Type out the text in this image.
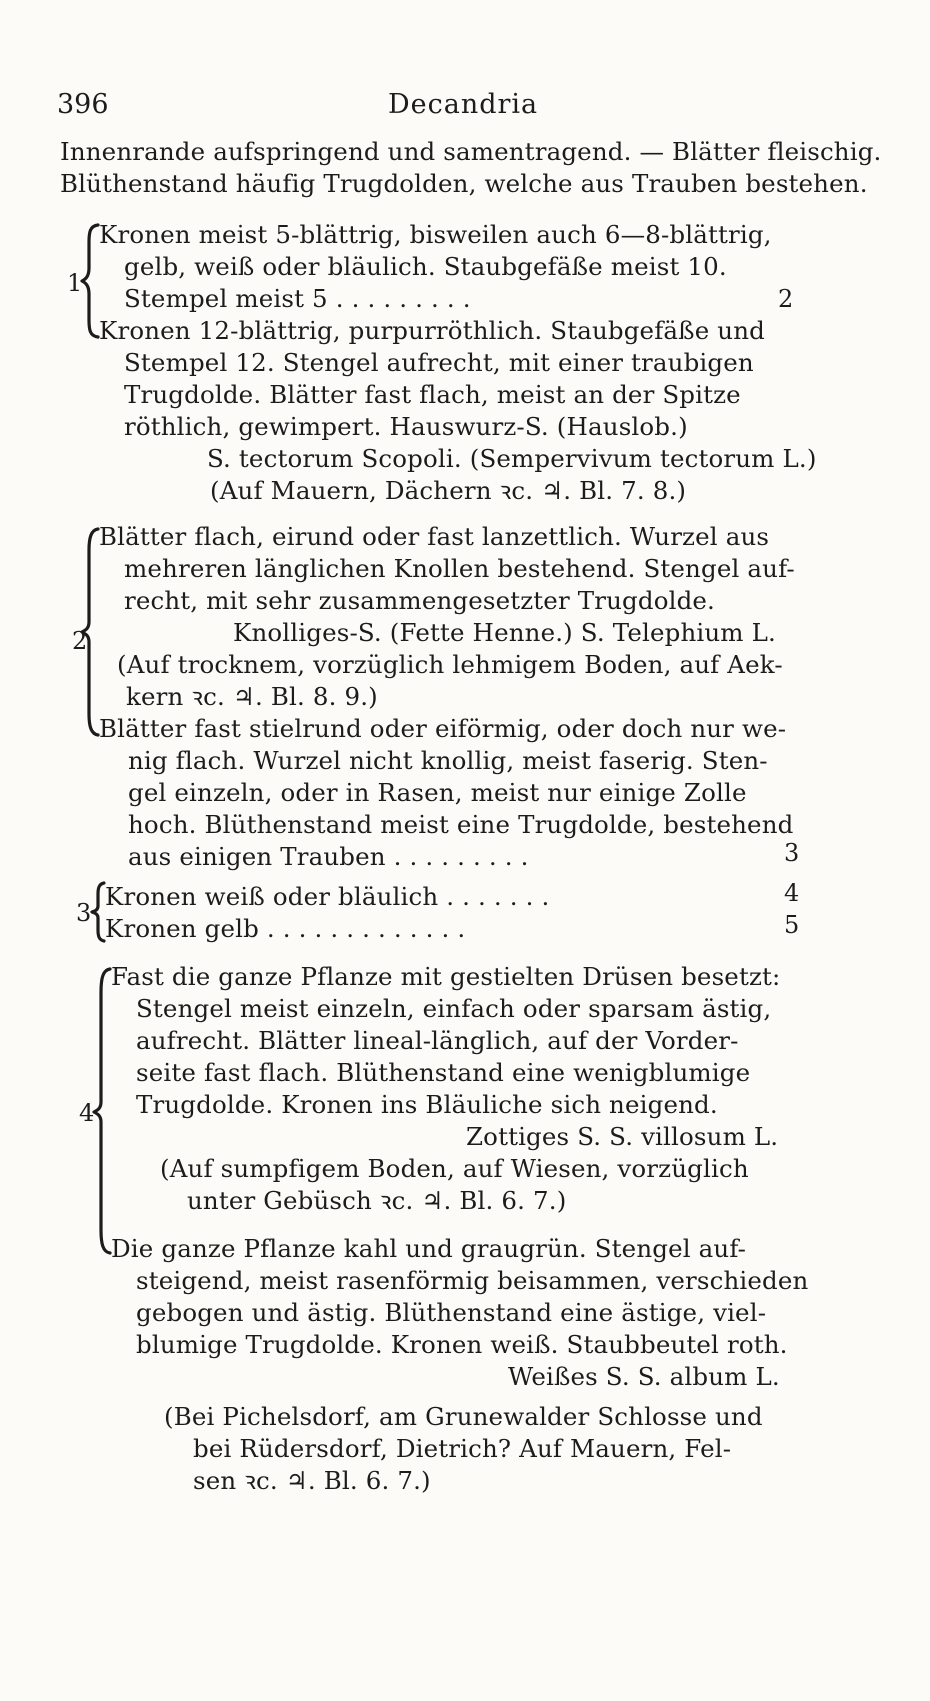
396	Decandria
Innenrande aufspringend und samentragend. — Blätter fleischig.
Blüthenstand häufig Trugdolden, welche aus Trauben bestehen.
1
Kronen meist 5-blättrig, bisweilen auch 6—8-blättrig,
gelb, weiß oder bläulich. Staubgefäße meist 10.
Stempel meist 5 . . . . . . . . .	2
Kronen 12-blättrig, purpurröthlich. Staubgefäße und
Stempel 12. Stengel aufrecht, mit einer traubigen
Trugdolde. Blätter fast flach, meist an der Spitze
röthlich, gewimpert. Hauswurz-S. (Hauslob.)
S. tectorum Scopoli. (Sempervivum tectorum L.)
(Auf Mauern, Dächern ꝛc. ♃. Bl. 7. 8.)
2
Blätter flach, eirund oder fast lanzettlich. Wurzel aus
mehreren länglichen Knollen bestehend. Stengel auf-
recht, mit sehr zusammengesetzter Trugdolde.
Knolliges-S. (Fette Henne.) S. Telephium L.
(Auf trocknem, vorzüglich lehmigem Boden, auf Aek-
kern ꝛc. ♃. Bl. 8. 9.)
Blätter fast stielrund oder eiförmig, oder doch nur we-
nig flach. Wurzel nicht knollig, meist faserig. Sten-
gel einzeln, oder in Rasen, meist nur einige Zolle
hoch. Blüthenstand meist eine Trugdolde, bestehend
aus einigen Trauben . . . . . . . . .	3
3
Kronen weiß oder bläulich . . . . . . .	4
Kronen gelb . . . . . . . . . . . . .	5
4
Fast die ganze Pflanze mit gestielten Drüsen besetzt:
Stengel meist einzeln, einfach oder sparsam ästig,
aufrecht. Blätter lineal-länglich, auf der Vorder-
seite fast flach. Blüthenstand eine wenigblumige
Trugdolde. Kronen ins Bläuliche sich neigend.
Zottiges S. S. villosum L.
(Auf sumpfigem Boden, auf Wiesen, vorzüglich
unter Gebüsch ꝛc. ♃. Bl. 6. 7.)
Die ganze Pflanze kahl und graugrün. Stengel auf-
steigend, meist rasenförmig beisammen, verschieden
gebogen und ästig. Blüthenstand eine ästige, viel-
blumige Trugdolde. Kronen weiß. Staubbeutel roth.
Weißes S. S. album L.
(Bei Pichelsdorf, am Grunewalder Schlosse und
bei Rüdersdorf, Dietrich? Auf Mauern, Fel-
sen ꝛc. ♃. Bl. 6. 7.)
